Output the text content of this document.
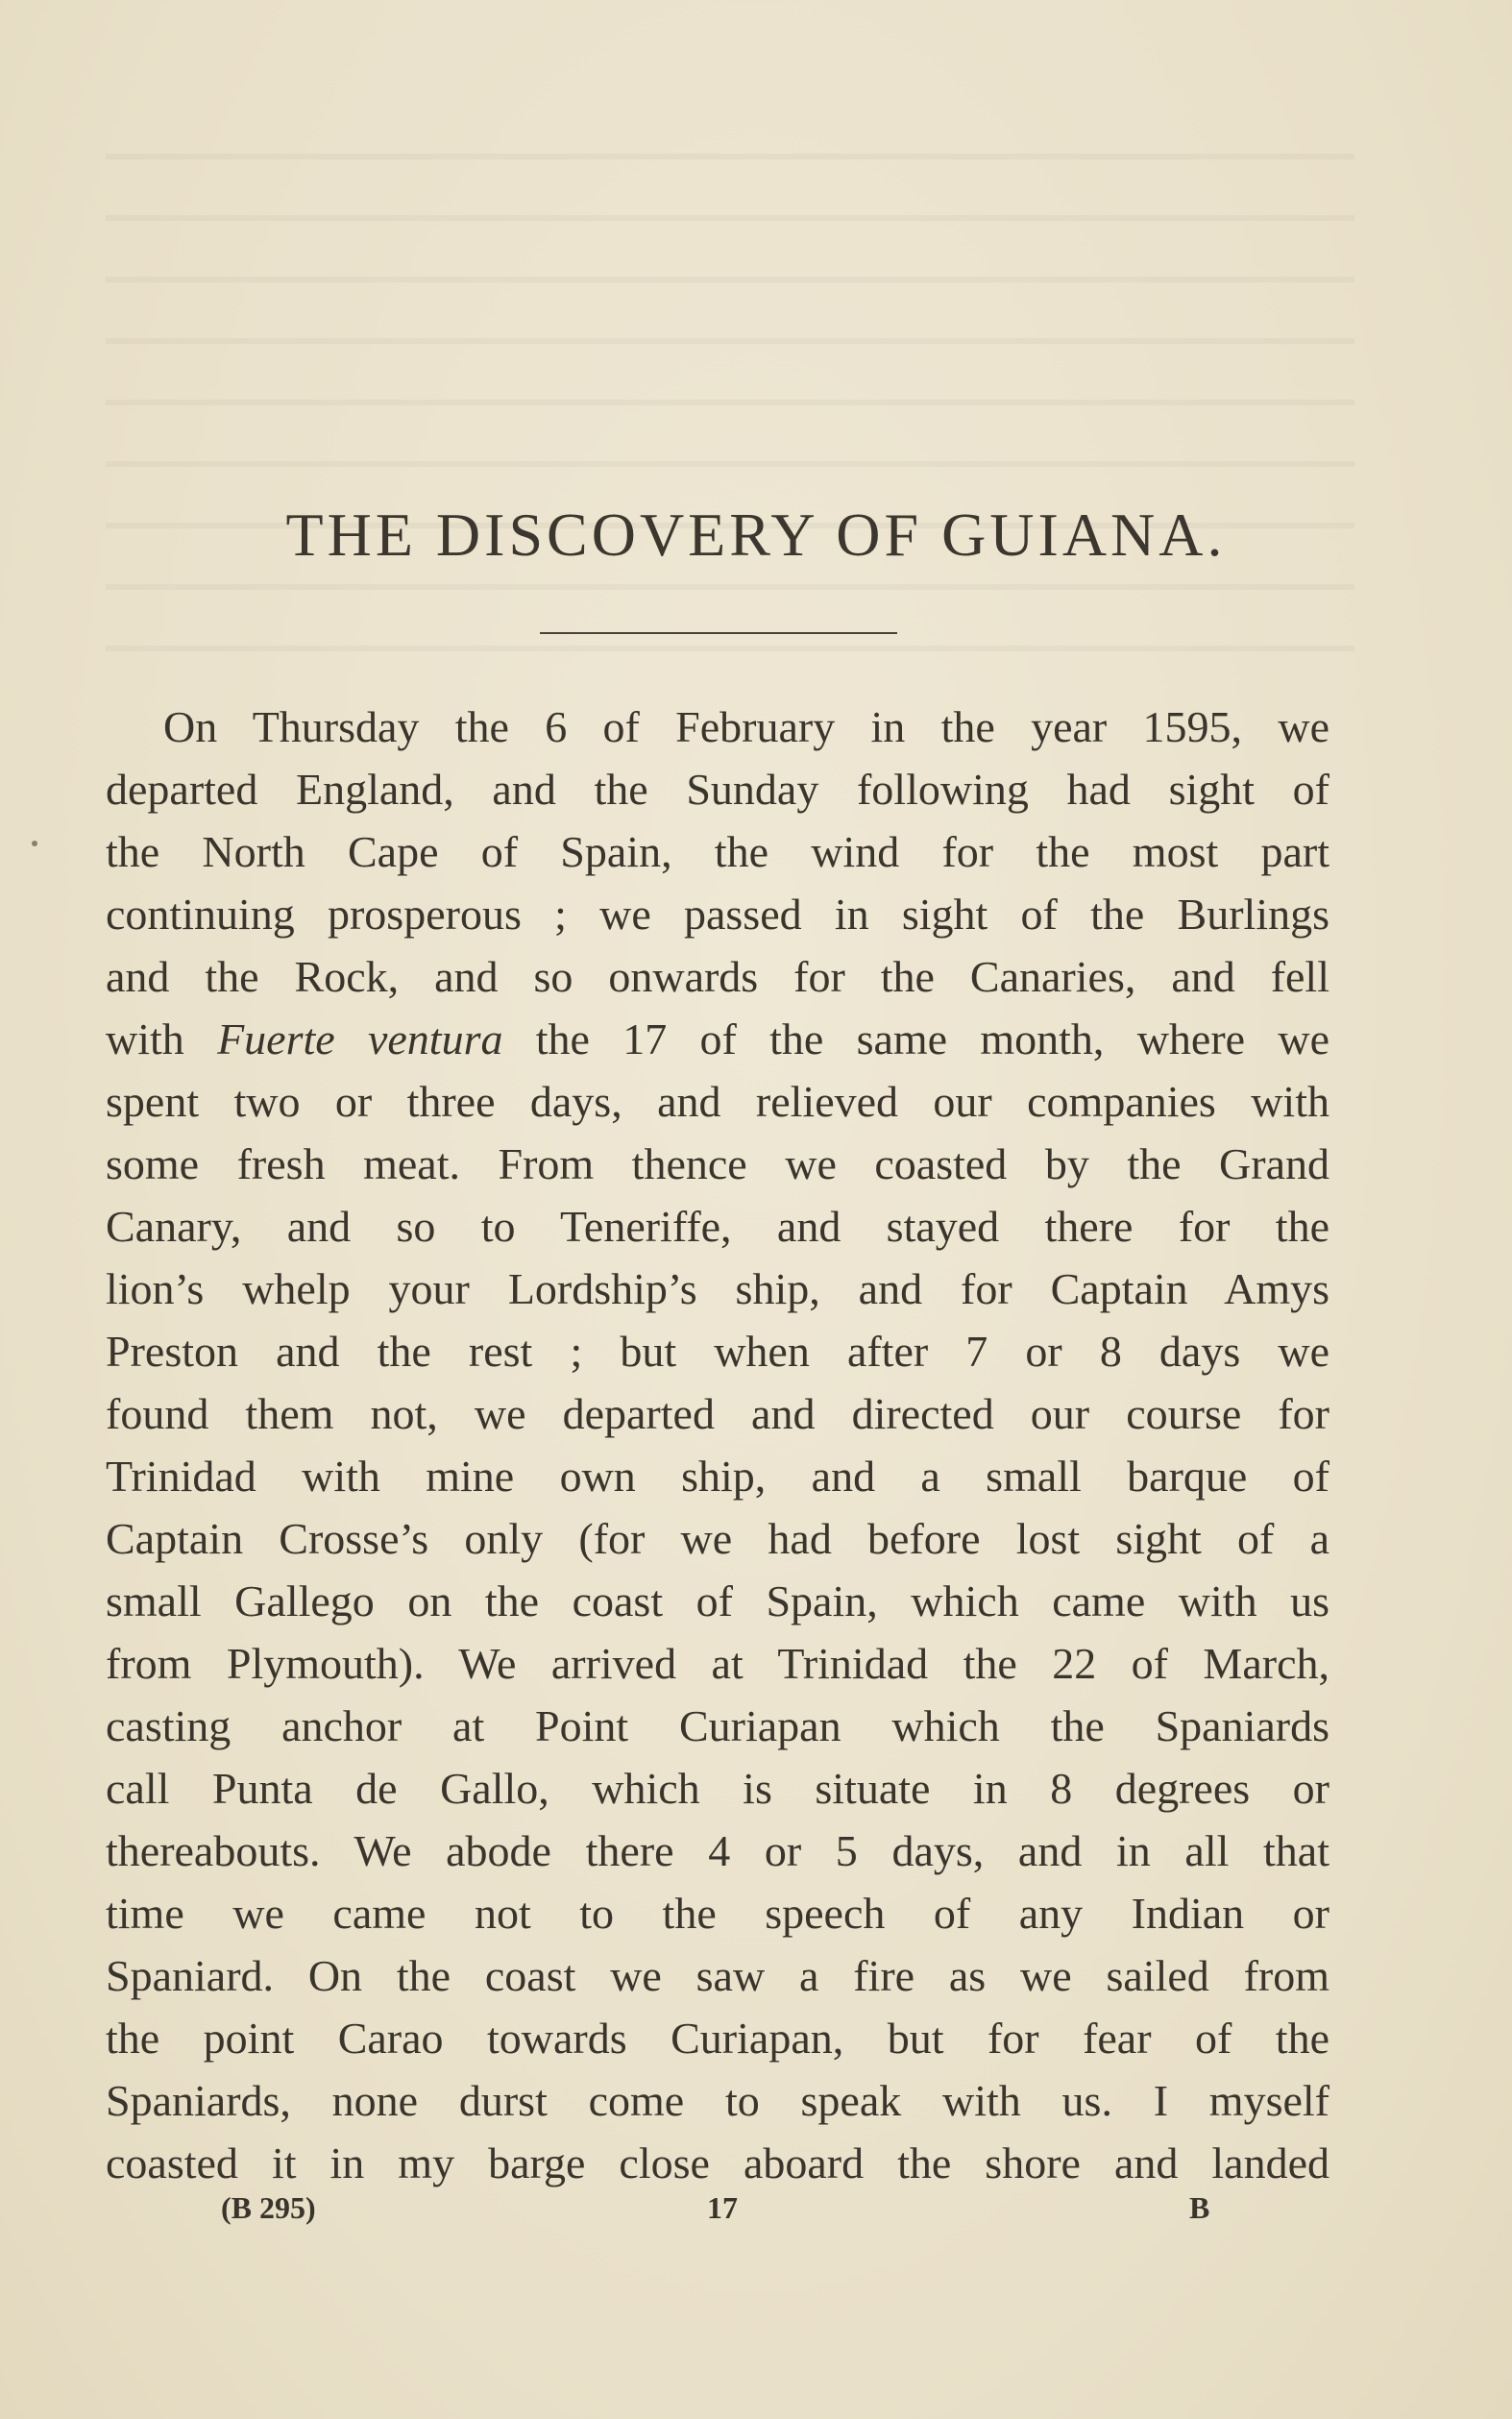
THE DISCOVERY OF GUIANA.
On Thursday the 6 of February in the year 1595, we
departed England, and the Sunday following had sight of
the North Cape of Spain, the wind for the most part
continuing prosperous ; we passed in sight of the Burlings
and the Rock, and so onwards for the Canaries, and fell
with Fuerte ventura the 17 of the same month, where we
spent two or three days, and relieved our companies with
some fresh meat. From thence we coasted by the Grand
Canary, and so to Teneriffe, and stayed there for the
lion’s whelp your Lordship’s ship, and for Captain Amys
Preston and the rest ; but when after 7 or 8 days we
found them not, we departed and directed our course for
Trinidad with mine own ship, and a small barque of
Captain Crosse’s only (for we had before lost sight of a
small Gallego on the coast of Spain, which came with us
from Plymouth). We arrived at Trinidad the 22 of March,
casting anchor at Point Curiapan which the Spaniards
call Punta de Gallo, which is situate in 8 degrees or
thereabouts. We abode there 4 or 5 days, and in all that
time we came not to the speech of any Indian or
Spaniard. On the coast we saw a fire as we sailed from
the point Carao towards Curiapan, but for fear of the
Spaniards, none durst come to speak with us. I myself
coasted it in my barge close aboard the shore and landed
(B 295)	17	B
